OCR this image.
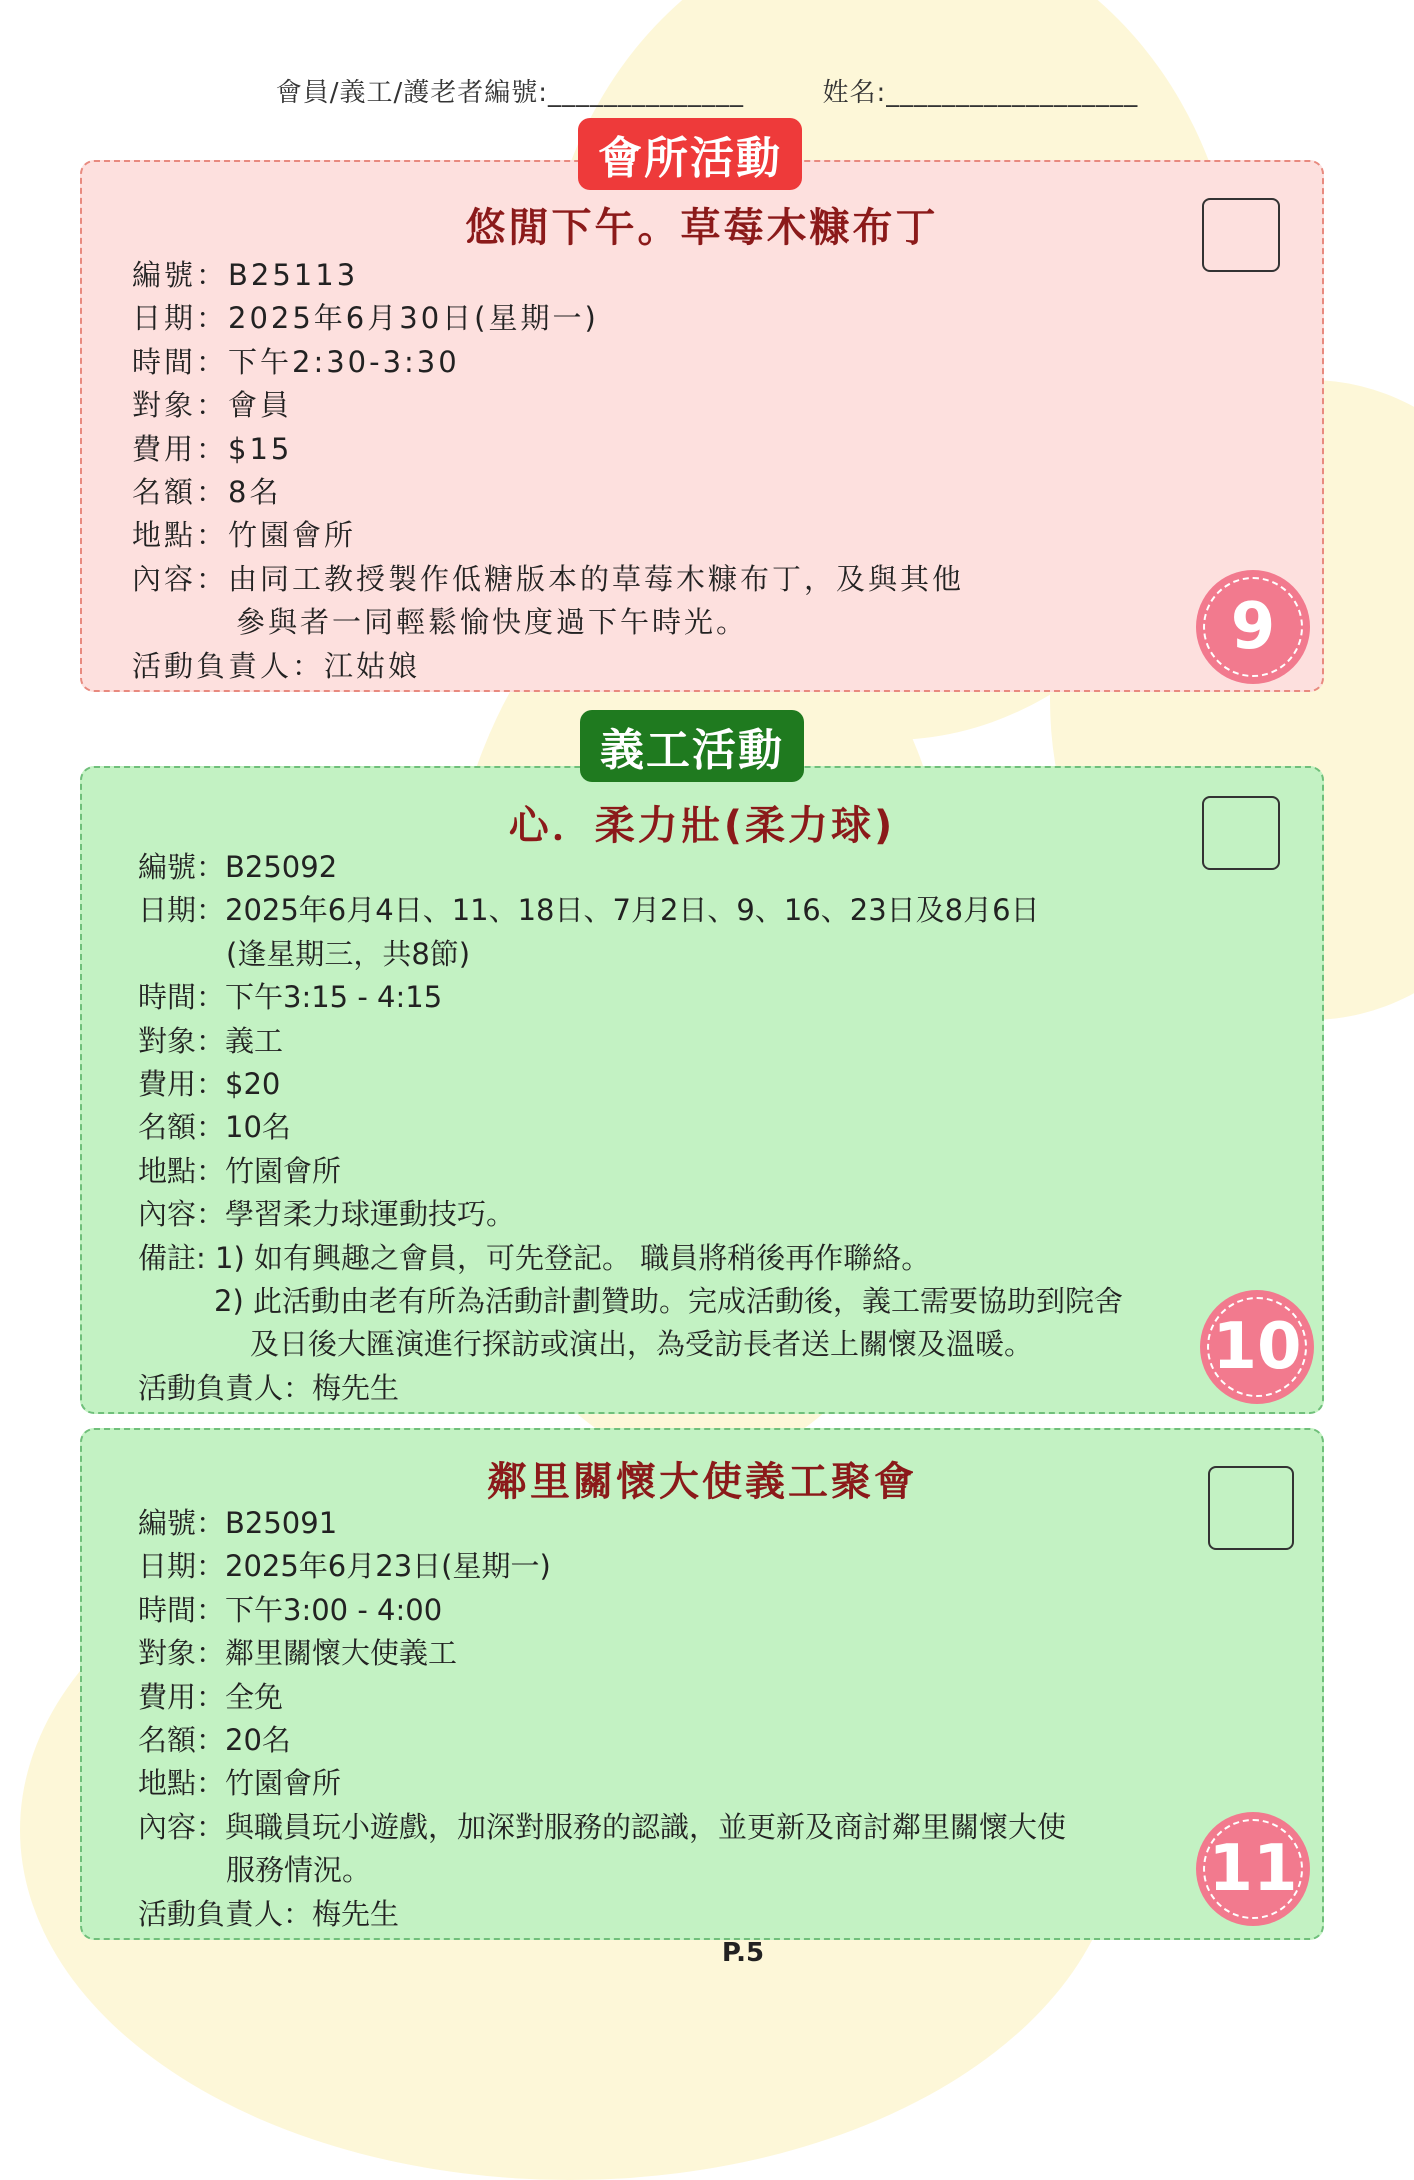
會員/義工/護老者編號:______________	姓名:__________________
會所活動
悠閒下午。草莓木糠布丁
編號：B25113
日期：2025年6月30日(星期一)
時間：下午2:30-3:30
對象：會員
費用：$15
名額：8名
地點：竹園會所
內容：由同工教授製作低糖版本的草莓木糠布丁，及與其他
參與者一同輕鬆愉快度過下午時光。
活動負責人：江姑娘
9
義工活動
心．柔力壯(柔力球)
編號：B25092
日期：2025年6月4日、11、18日、7月2日、9、16、23日及8月6日
(逢星期三，共8節)
時間：下午3:15 - 4:15
對象：義工
費用：$20
名額：10名
地點：竹園會所
內容：學習柔力球運動技巧。
備註: 1) 如有興趣之會員，可先登記。 職員將稍後再作聯絡。
2) 此活動由老有所為活動計劃贊助。完成活動後，義工需要協助到院舍
及日後大匯演進行探訪或演出，為受訪長者送上關懷及溫暖。
活動負責人：梅先生
10
鄰里關懷大使義工聚會
編號：B25091
日期：2025年6月23日(星期一)
時間：下午3:00 - 4:00
對象：鄰里關懷大使義工
費用：全免
名額：20名
地點：竹園會所
內容：與職員玩小遊戲，加深對服務的認識，並更新及商討鄰里關懷大使
服務情況。
活動負責人：梅先生
11
P.5
